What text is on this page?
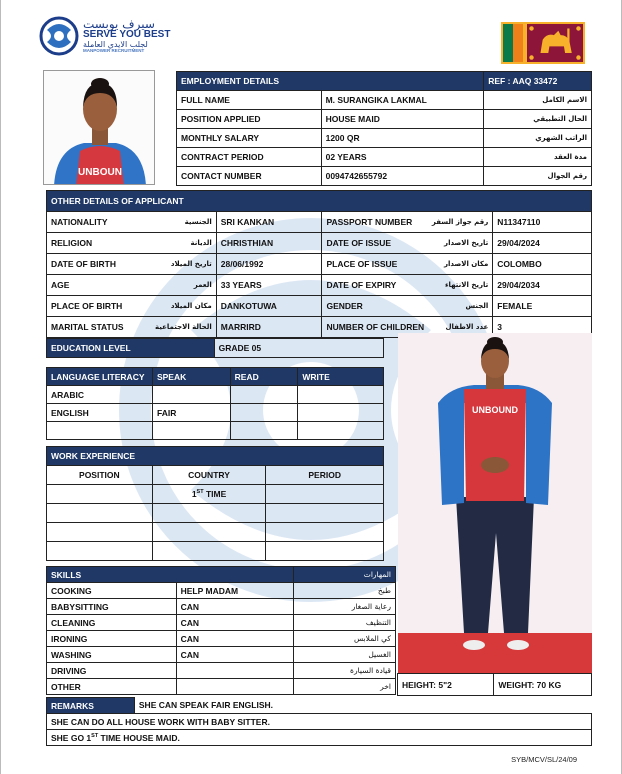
سيرف يوبست
SERVE YOU BEST
لجلب الايدي العاملة
MANPOWER RECRUITMENT
UNBOUN
EMPLOYMENT DETAILS		REF : AAQ 33472
FULL NAME	M. SURANGIKA LAKMAL	الاسم الكامل
POSITION APPLIED	HOUSE MAID	الحال التطبيقي
MONTHLY SALARY	1200 QR	الراتب الشهري
CONTRACT PERIOD	02 YEARS	مدة العقد
CONTACT NUMBER	0094742655792	رقم الجوال
OTHER DETAILS OF APPLICANT			

NATIONALITY الجنسية	SRI KANKAN	PASSPORT NUMBER رقم جواز السفر	N11347110

RELIGION الديانة	CHRISTHIAN	DATE OF ISSUE تاريخ الاصدار	29/04/2024

DATE OF BIRTH تاريخ الميلاد	28/06/1992	PLACE OF ISSUE مكان الاصدار	COLOMBO

AGE العمر	33 YEARS	DATE OF EXPIRY تاريخ الانتهاء	29/04/2034

PLACE OF BIRTH مكان الميلاد	DANKOTUWA	GENDER الجنس	FEMALE

MARITAL STATUS الحالة الاجتماعية	MARRIRD	NUMBER OF CHILDREN عدد الاطفال	3
EDUCATION LEVEL	GRADE 05
LANGUAGE LITERACY	SPEAK	READ	WRITE
ARABIC			
ENGLISH	FAIR		

WORK EXPERIENCE		
POSITION	COUNTRY	PERIOD
	1ST TIME	

SKILLS		المهارات
COOKING	HELP MADAM	طبخ
BABYSITTING	CAN	رعاية الصغار
CLEANING	CAN	التنظيف
IRONING	CAN	كي الملابس
WASHING	CAN	الغسيل
DRIVING		قيادة السيارة
OTHER		اخر
UNBOUND
HEIGHT: 5"2	WEIGHT: 70 KG
REMARKS	SHE CAN SPEAK FAIR ENGLISH.
SHE CAN DO ALL HOUSE WORK WITH BABY SITTER.
SHE GO 1ST TIME HOUSE MAID.
SYB/MCV/SL/24/09
